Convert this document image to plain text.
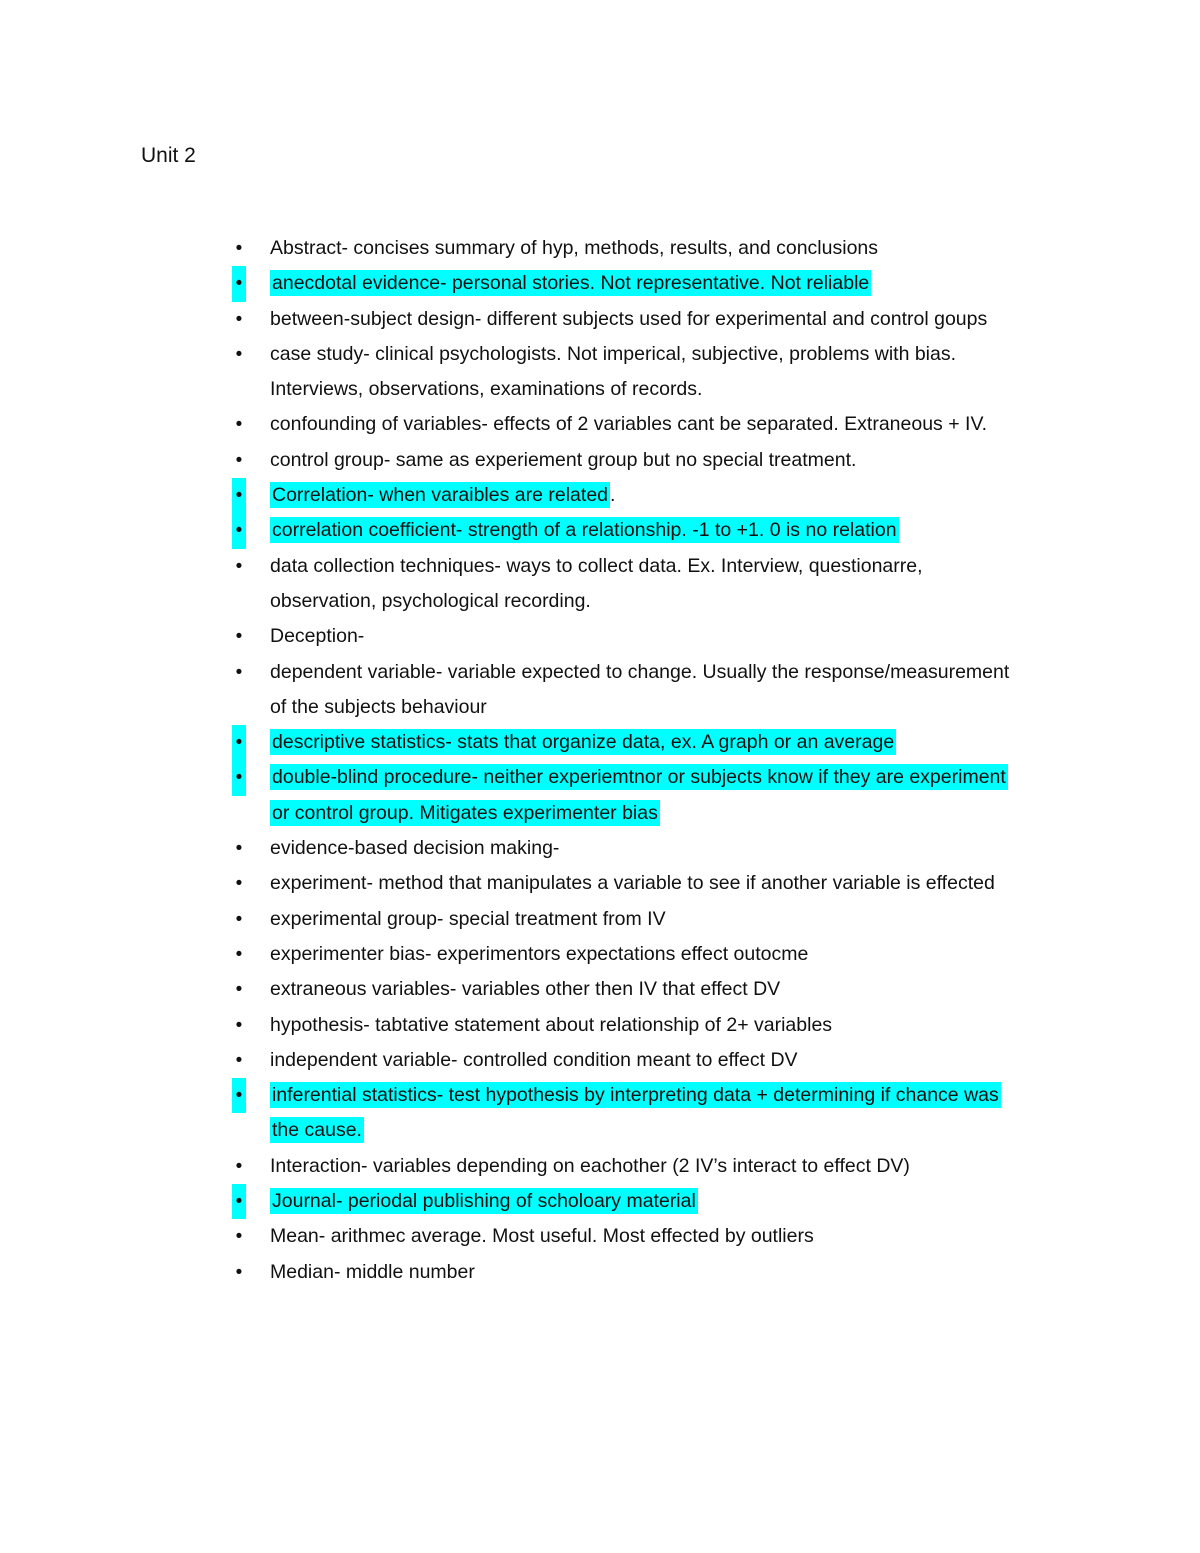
Unit 2
• Abstract- concises summary of hyp, methods, results, and conclusions
• anecdotal evidence- personal stories. Not representative. Not reliable
• between-subject design- different subjects used for experimental and control goups
• case study- clinical psychologists. Not imperical, subjective, problems with bias. Interviews, observations, examinations of records.
• confounding of variables- effects of 2 variables cant be separated. Extraneous + IV.
• control group- same as experiement group but no special treatment.
• Correlation- when varaibles are related .
• correlation coefficient- strength of a relationship. -1 to +1. 0 is no relation
• data collection techniques- ways to collect data. Ex. Interview, questionarre, observation, psychological recording.
• Deception-
• dependent variable- variable expected to change. Usually the response/measurement of the subjects behaviour
• descriptive statistics- stats that organize data, ex. A graph or an average
• double-blind procedure- neither experiemtnor or subjects know if they are experiment or control group. Mitigates experimenter bias
• evidence-based decision making-
• experiment- method that manipulates a variable to see if another variable is effected
• experimental group- special treatment from IV
• experimenter bias- experimentors expectations effect outocme
• extraneous variables- variables other then IV that effect DV
• hypothesis- tabtative statement about relationship of 2+ variables
• independent variable- controlled condition meant to effect DV
• inferential statistics- test hypothesis by interpreting data + determining if chance was the cause.
• Interaction- variables depending on eachother (2 IV’s interact to effect DV)
• Journal- periodal publishing of scholoary material
• Mean- arithmec average. Most useful. Most effected by outliers
• Median- middle number
